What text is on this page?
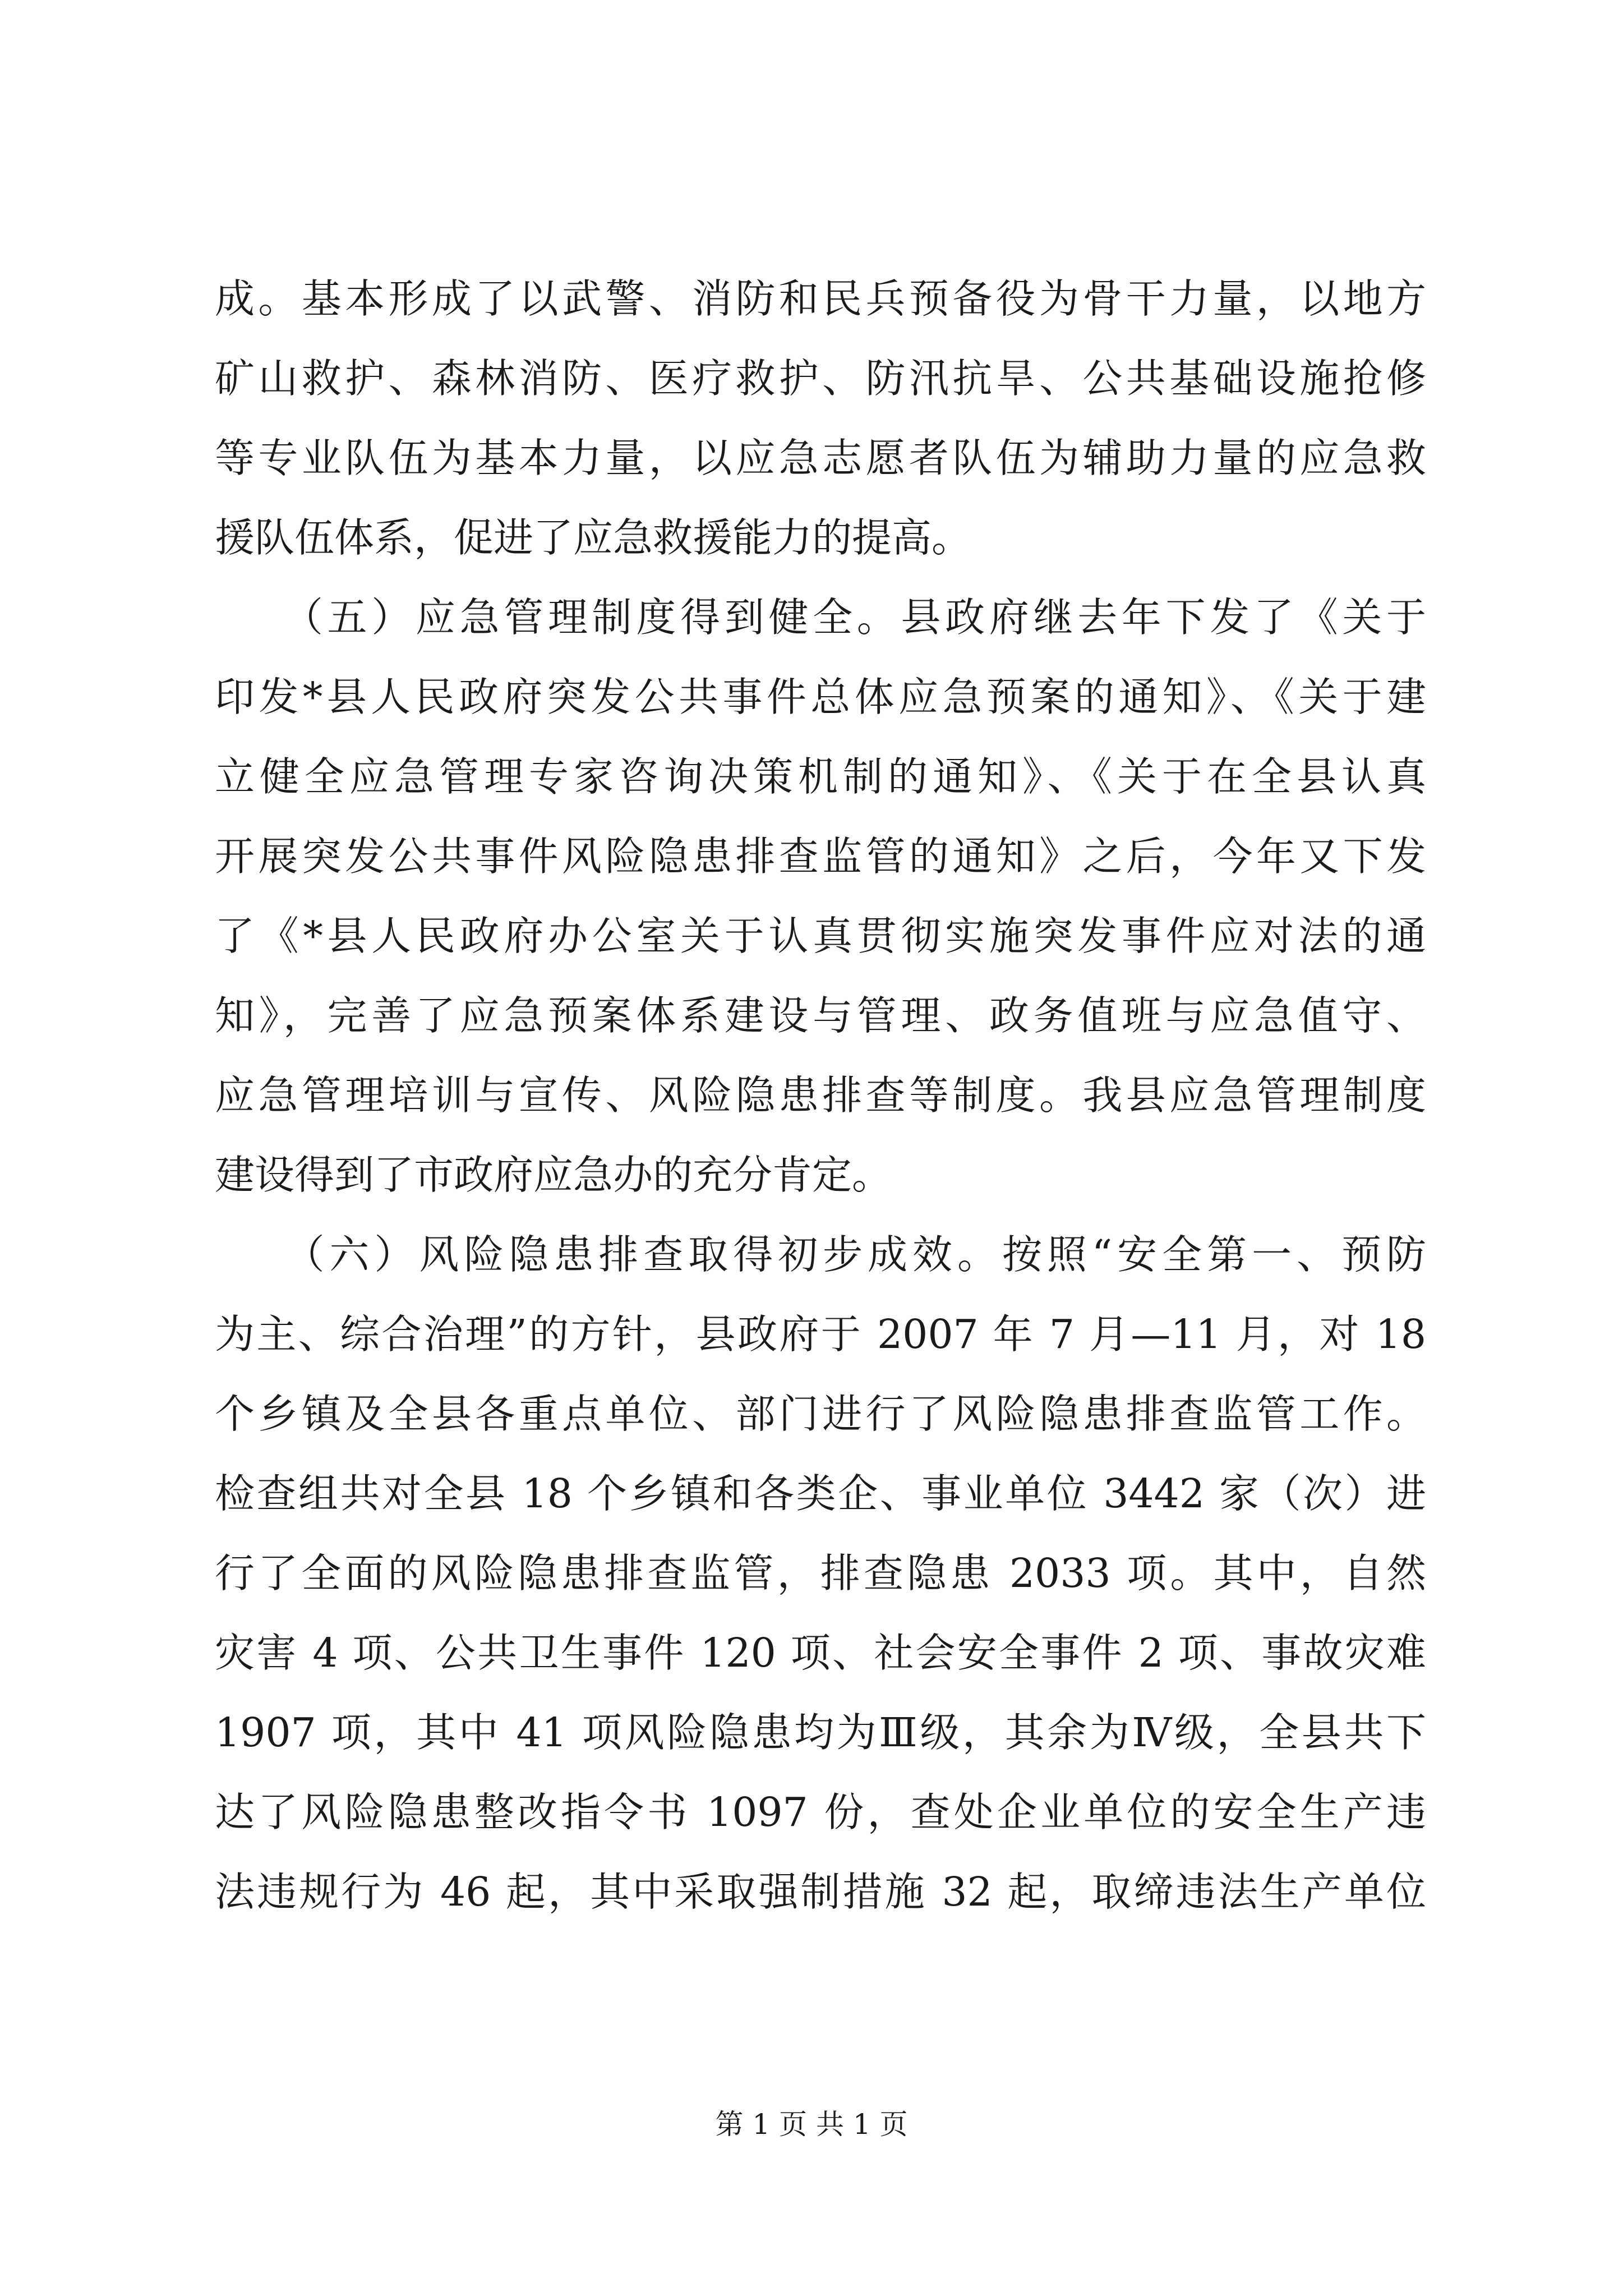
成。基本形成了以武警、消防和民兵预备役为骨干力量，以地方
矿山救护、森林消防、医疗救护、防汛抗旱、公共基础设施抢修
等专业队伍为基本力量，以应急志愿者队伍为辅助力量的应急救
援队伍体系，促进了应急救援能力的提高。
　　（五）应急管理制度得到健全。县政府继去年下发了《关于
印发*县人民政府突发公共事件总体应急预案的通知》、《关于建
立健全应急管理专家咨询决策机制的通知》、《关于在全县认真
开展突发公共事件风险隐患排查监管的通知》之后，今年又下发
了《*县人民政府办公室关于认真贯彻实施突发事件应对法的通
知》，完善了应急预案体系建设与管理、政务值班与应急值守、
应急管理培训与宣传、风险隐患排查等制度。我县应急管理制度
建设得到了市政府应急办的充分肯定。
　　（六）风险隐患排查取得初步成效。按照“安全第一、预防
为主、综合治理”的方针，县政府于 2007 年 7 月—11 月，对 18
个乡镇及全县各重点单位、部门进行了风险隐患排查监管工作。
检查组共对全县 18 个乡镇和各类企、事业单位 3442 家（次）进
行了全面的风险隐患排查监管，排查隐患 2033 项。其中，自然
灾害 4 项、公共卫生事件 120 项、社会安全事件 2 项、事故灾难
1907 项，其中 41 项风险隐患均为Ⅲ级，其余为Ⅳ级，全县共下
达了风险隐患整改指令书 1097 份，查处企业单位的安全生产违
法违规行为 46 起，其中采取强制措施 32 起，取缔违法生产单位
第 1 页 共 1 页
